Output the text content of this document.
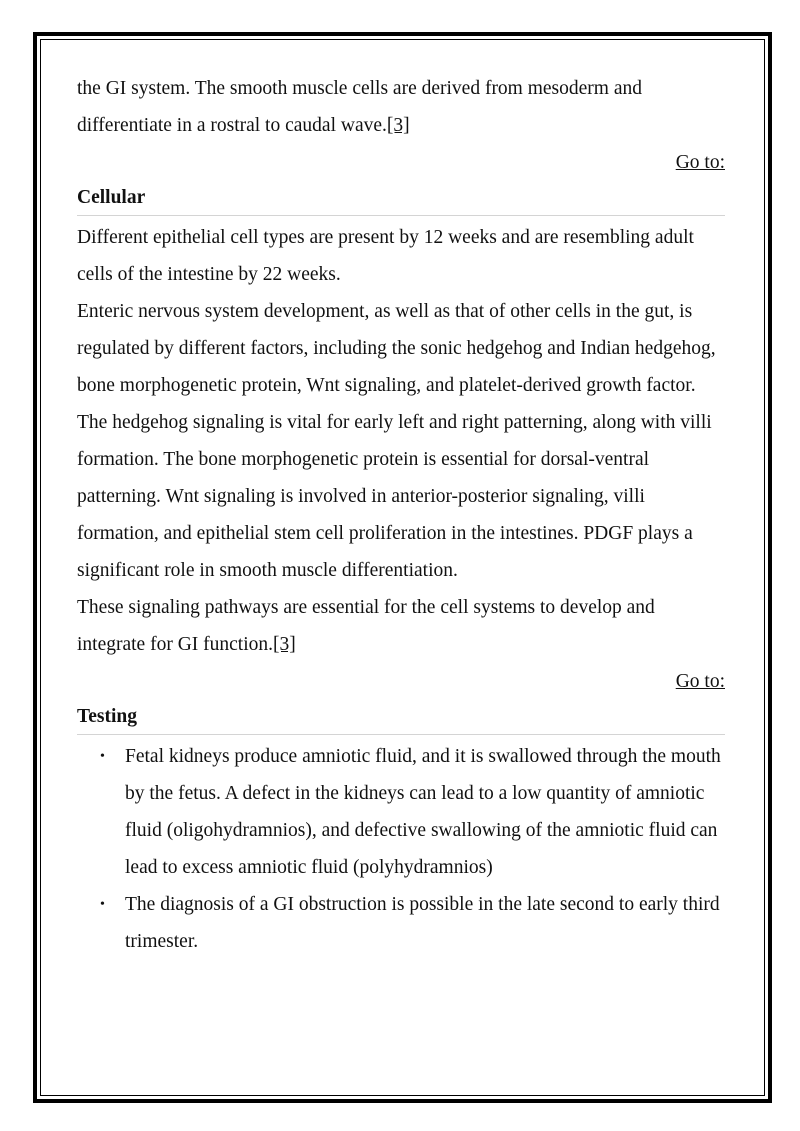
the GI system. The smooth muscle cells are derived from mesoderm and differentiate in a rostral to caudal wave.[3]

Go to:

Cellular

Different epithelial cell types are present by 12 weeks and are resembling adult cells of the intestine by 22 weeks.

Enteric nervous system development, as well as that of other cells in the gut, is regulated by different factors, including the sonic hedgehog and Indian hedgehog, bone morphogenetic protein, Wnt signaling, and platelet-derived growth factor. The hedgehog signaling is vital for early left and right patterning, along with villi formation. The bone morphogenetic protein is essential for dorsal-ventral patterning. Wnt signaling is involved in anterior-posterior signaling, villi formation, and epithelial stem cell proliferation in the intestines. PDGF plays a significant role in smooth muscle differentiation.

These signaling pathways are essential for the cell systems to develop and integrate for GI function.[3]

Go to:

Testing
• Fetal kidneys produce amniotic fluid, and it is swallowed through the mouth by the fetus. A defect in the kidneys can lead to a low quantity of amniotic fluid (oligohydramnios), and defective swallowing of the amniotic fluid can lead to excess amniotic fluid (polyhydramnios)
• The diagnosis of a GI obstruction is possible in the late second to early third trimester.
